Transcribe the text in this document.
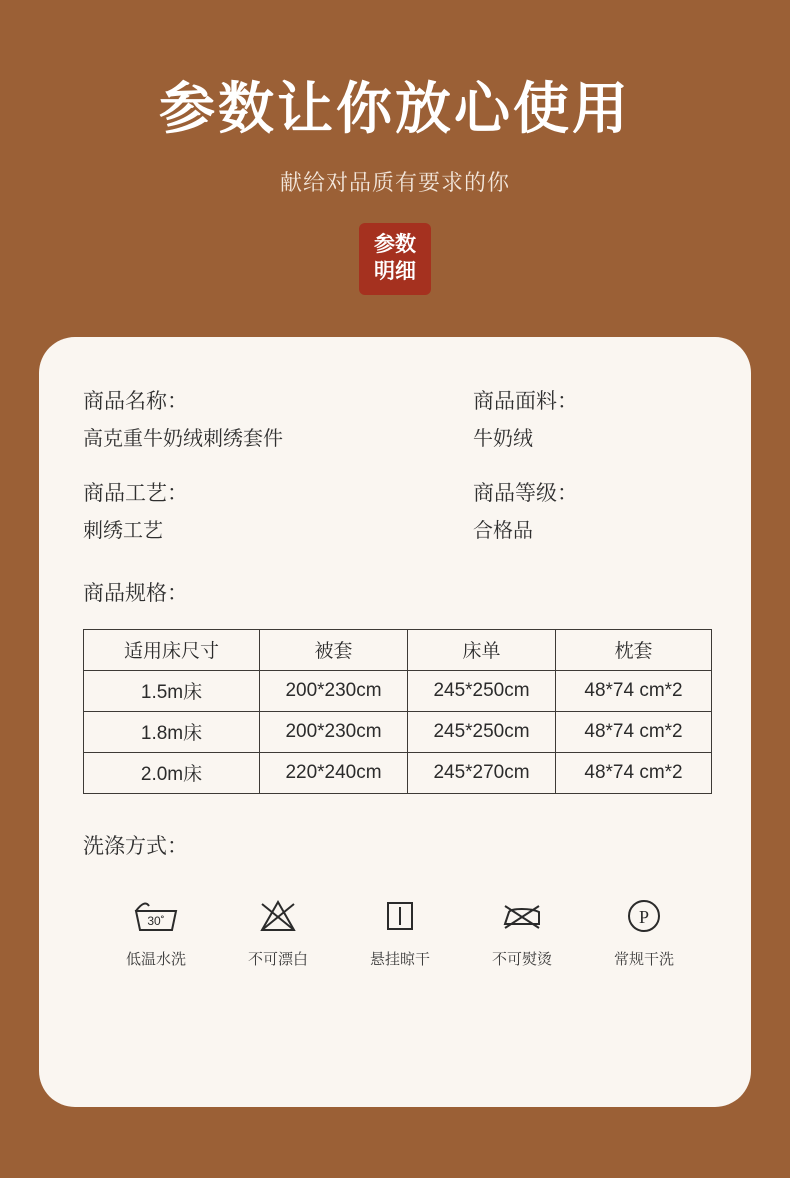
参数让你放心使用
献给对品质有要求的你
参数
明细
商品名称：
高克重牛奶绒刺绣套件
商品面料：
牛奶绒
商品工艺：
刺绣工艺
商品等级：
合格品
商品规格：
适用床尺寸	被套	床单	枕套
1.5m床	200*230cm	245*250cm	48*74 cm*2
1.8m床	200*230cm	245*250cm	48*74 cm*2
2.0m床	220*240cm	245*270cm	48*74 cm*2
洗涤方式：
30˚
低温水洗	不可漂白	悬挂晾干	不可熨烫
P
常规干洗
